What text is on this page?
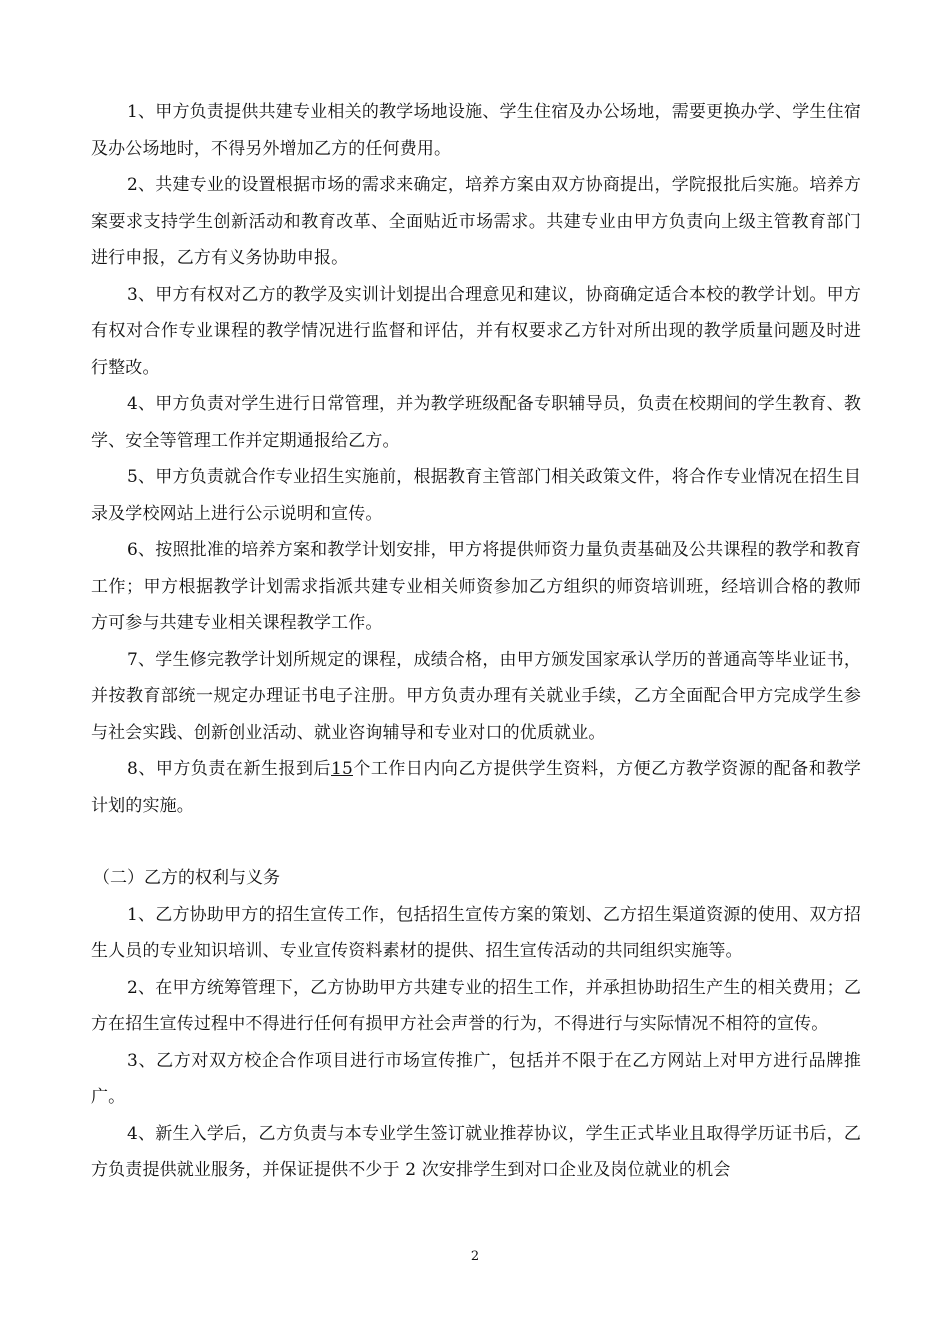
1、甲方负责提供共建专业相关的教学场地设施、学生住宿及办公场地，需要更换办学、学生住宿及办公场地时，不得另外增加乙方的任何费用。

2、共建专业的设置根据市场的需求来确定，培养方案由双方协商提出，学院报批后实施。培养方案要求支持学生创新活动和教育改革、全面贴近市场需求。共建专业由甲方负责向上级主管教育部门进行申报，乙方有义务协助申报。

3、甲方有权对乙方的教学及实训计划提出合理意见和建议，协商确定适合本校的教学计划。甲方有权对合作专业课程的教学情况进行监督和评估，并有权要求乙方针对所出现的教学质量问题及时进行整改。

4、甲方负责对学生进行日常管理，并为教学班级配备专职辅导员，负责在校期间的学生教育、教学、安全等管理工作并定期通报给乙方。

5、甲方负责就合作专业招生实施前，根据教育主管部门相关政策文件，将合作专业情况在招生目录及学校网站上进行公示说明和宣传。

6、按照批准的培养方案和教学计划安排，甲方将提供师资力量负责基础及公共课程的教学和教育工作；甲方根据教学计划需求指派共建专业相关师资参加乙方组织的师资培训班，经培训合格的教师方可参与共建专业相关课程教学工作。

7、学生修完教学计划所规定的课程，成绩合格，由甲方颁发国家承认学历的普通高等毕业证书，并按教育部统一规定办理证书电子注册。甲方负责办理有关就业手续，乙方全面配合甲方完成学生参与社会实践、创新创业活动、就业咨询辅导和专业对口的优质就业。

8、甲方负责在新生报到后15个工作日内向乙方提供学生资料，方便乙方教学资源的配备和教学计划的实施。

（二）乙方的权利与义务

1、乙方协助甲方的招生宣传工作，包括招生宣传方案的策划、乙方招生渠道资源的使用、双方招生人员的专业知识培训、专业宣传资料素材的提供、招生宣传活动的共同组织实施等。

2、在甲方统筹管理下，乙方协助甲方共建专业的招生工作，并承担协助招生产生的相关费用；乙方在招生宣传过程中不得进行任何有损甲方社会声誉的行为，不得进行与实际情况不相符的宣传。

3、乙方对双方校企合作项目进行市场宣传推广，包括并不限于在乙方网站上对甲方进行品牌推广。

4、新生入学后，乙方负责与本专业学生签订就业推荐协议，学生正式毕业且取得学历证书后，乙方负责提供就业服务，并保证提供不少于 2 次安排学生到对口企业及岗位就业的机会

2
